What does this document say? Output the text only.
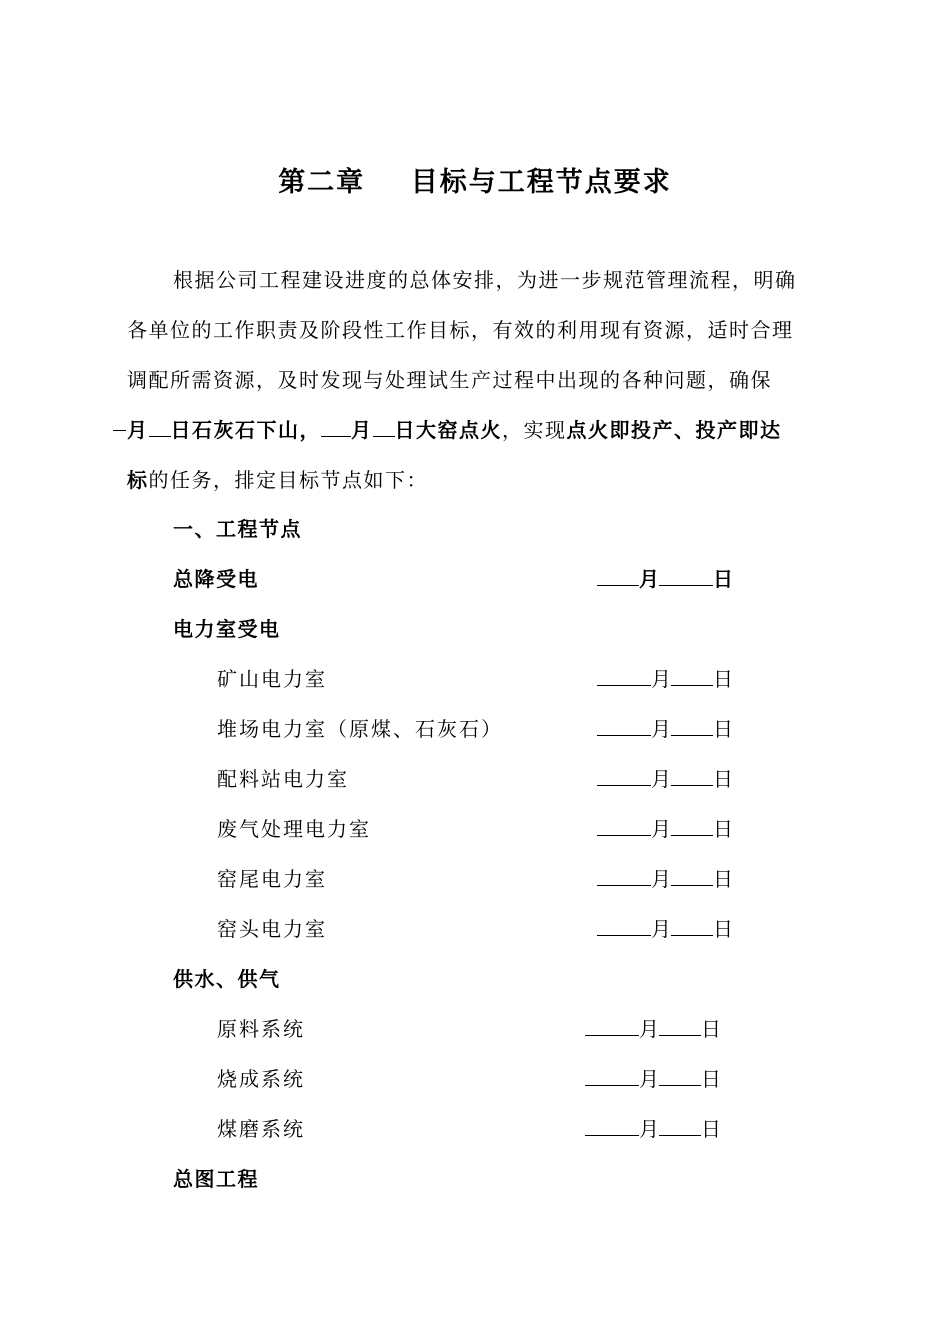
第二章    目标与工程节点要求
根据公司工程建设进度的总体安排，为进一步规范管理流程，明确
各单位的工作职责及阶段性工作目标，有效的利用现有资源，适时合理
调配所需资源，及时发现与处理试生产过程中出现的各种问题，确保
月 日石灰石下山， 月 日大窑点火，实现点火即投产、投产即达
标的任务，排定目标节点如下：
一、工程节点
总降受电	月	日
电力室受电
矿山电力室	月 日
堆场电力室（原煤、石灰石）	月 日
配料站电力室	月 日
废气处理电力室	月 日
窑尾电力室	月 日
窑头电力室	月 日
供水、供气
原料系统	月 日
烧成系统	月 日
煤磨系统	月 日
总图工程
